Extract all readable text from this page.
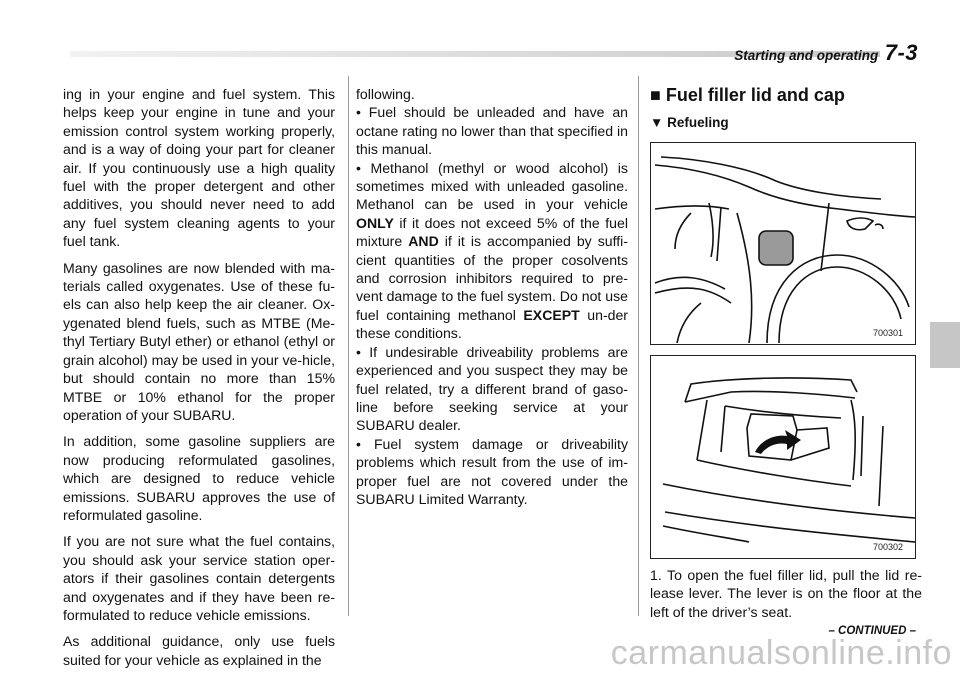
Starting and operating 7-3

ing in your engine and fuel system. This helps keep your engine in tune and your emission control system working properly, and is a way of doing your part for cleaner air. If you continuously use a high quality fuel with the proper detergent and other additives, you should never need to add any fuel system cleaning agents to your fuel tank.

Many gasolines are now blended with ma-terials called oxygenates. Use of these fu-els can also help keep the air cleaner. Ox-ygenated blend fuels, such as MTBE (Me-thyl Tertiary Butyl ether) or ethanol (ethyl or grain alcohol) may be used in your ve-hicle, but should contain no more than 15% MTBE or 10% ethanol for the proper operation of your SUBARU.

In addition, some gasoline suppliers are now producing reformulated gasolines, which are designed to reduce vehicle emissions. SUBARU approves the use of reformulated gasoline.

If you are not sure what the fuel contains, you should ask your service station oper-ators if their gasolines contain detergents and oxygenates and if they have been re-formulated to reduce vehicle emissions.

As additional guidance, only use fuels suited for your vehicle as explained in the

following.

• Fuel should be unleaded and have an octane rating no lower than that specified in this manual.

• Methanol (methyl or wood alcohol) is sometimes mixed with unleaded gasoline. Methanol can be used in your vehicle ONLY if it does not exceed 5% of the fuel mixture AND if it is accompanied by suffi-cient quantities of the proper cosolvents and corrosion inhibitors required to pre-vent damage to the fuel system. Do not use fuel containing methanol EXCEPT un-der these conditions.

• If undesirable driveability problems are experienced and you suspect they may be fuel related, try a different brand of gaso-line before seeking service at your SUBARU dealer.

• Fuel system damage or driveability problems which result from the use of im-proper fuel are not covered under the SUBARU Limited Warranty.

■ Fuel filler lid and cap
▼ Refueling
700301
700302
1. To open the fuel filler lid, pull the lid re-lease lever. The lever is on the floor at the left of the driver’s seat.
– CONTINUED –
carmanualsonline.info
